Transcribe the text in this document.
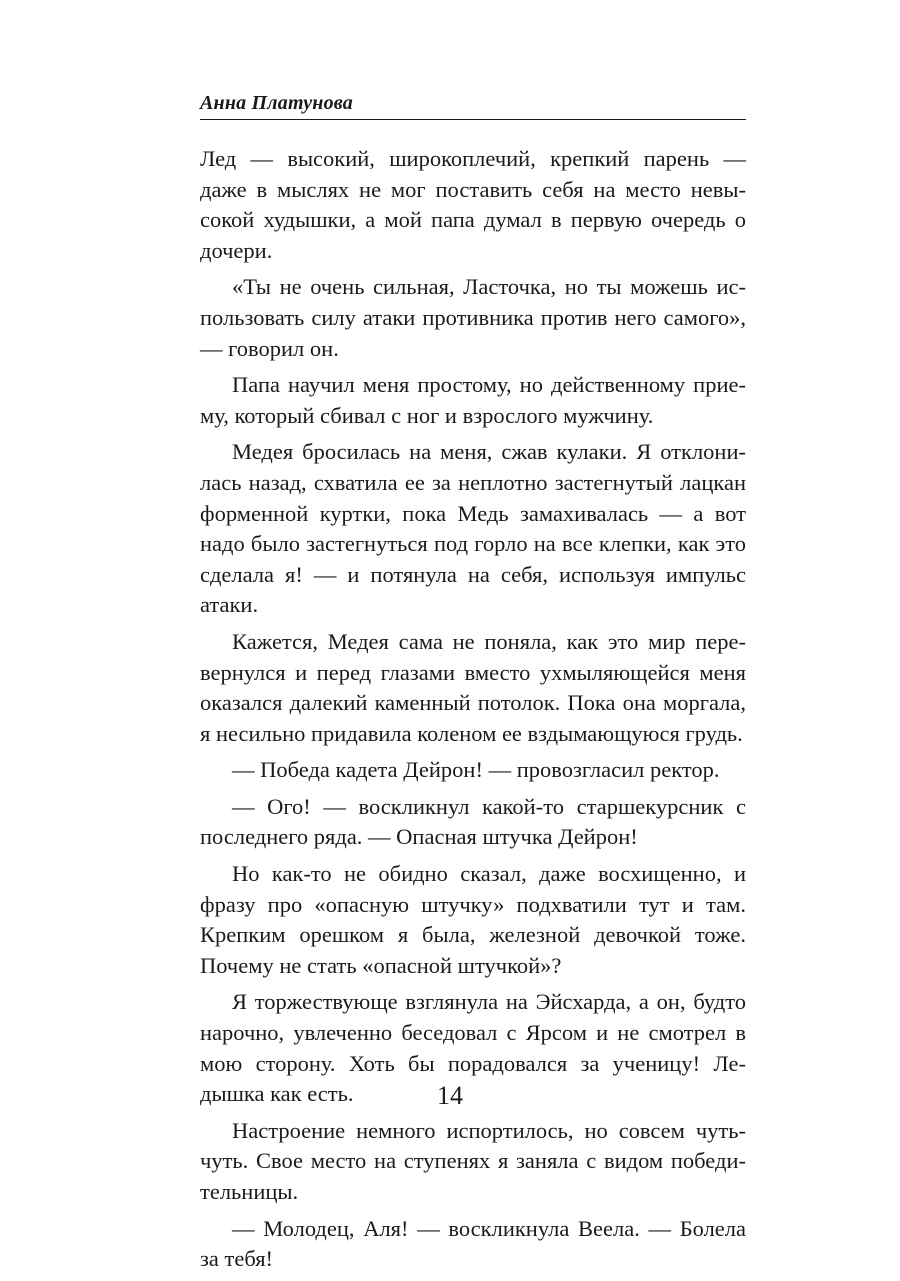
Анна Платунова

Лед — высокий, широкоплечий, крепкий парень — даже в мыслях не мог поставить себя на место невысокой худышки, а мой папа думал в первую очередь о дочери.

«Ты не очень сильная, Ласточка, но ты можешь использовать силу атаки противника против него самого», — говорил он.

Папа научил меня простому, но действенному приему, который сбивал с ног и взрослого мужчину.

Медея бросилась на меня, сжав кулаки. Я отклонилась назад, схватила ее за неплотно застегнутый лацкан форменной куртки, пока Медь замахивалась — а вот надо было застегнуться под горло на все клепки, как это сделала я! — и потянула на себя, используя импульс атаки.

Кажется, Медея сама не поняла, как это мир перевернулся и перед глазами вместо ухмыляющейся меня оказался далекий каменный потолок. Пока она моргала, я несильно придавила коленом ее вздымающуюся грудь.

— Победа кадета Дейрон! — провозгласил ректор.

— Ого! — воскликнул какой-то старшекурсник с последнего ряда. — Опасная штучка Дейрон!

Но как-то не обидно сказал, даже восхищенно, и фразу про «опасную штучку» подхватили тут и там. Крепким орешком я была, железной девочкой тоже. Почему не стать «опасной штучкой»?

Я торжествующе взглянула на Эйсхарда, а он, будто нарочно, увлеченно беседовал с Ярсом и не смотрел в мою сторону. Хоть бы порадовался за ученицу! Ледышка как есть.

Настроение немного испортилось, но совсем чуть-чуть. Свое место на ступенях я заняла с видом победительницы.

— Молодец, Аля! — воскликнула Веела. — Болела за тебя!

14
